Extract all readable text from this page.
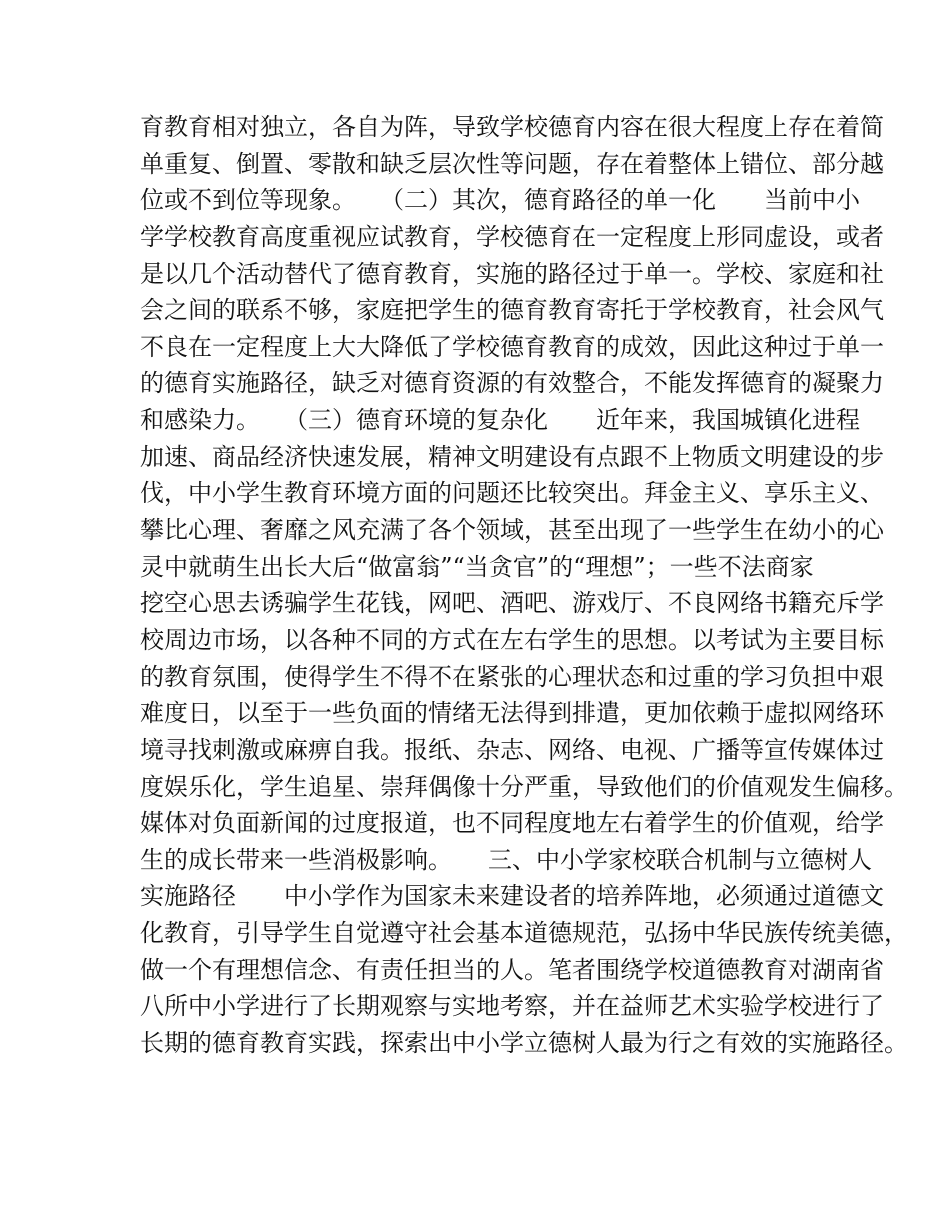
育教育相对独立，各自为阵，导致学校德育内容在很大程度上存在着简
单重复、倒置、零散和缺乏层次性等问题，存在着整体上错位、部分越
位或不到位等现象。　　（二）其次，德育路径的单一化　　当前中小
学学校教育高度重视应试教育，学校德育在一定程度上形同虚设，或者
是以几个活动替代了德育教育，实施的路径过于单一。学校、家庭和社
会之间的联系不够，家庭把学生的德育教育寄托于学校教育，社会风气
不良在一定程度上大大降低了学校德育教育的成效，因此这种过于单一
的德育实施路径，缺乏对德育资源的有效整合，不能发挥德育的凝聚力
和感染力。　　（三）德育环境的复杂化　　近年来，我国城镇化进程
加速、商品经济快速发展，精神文明建设有点跟不上物质文明建设的步
伐，中小学生教育环境方面的问题还比较突出。拜金主义、享乐主义、
攀比心理、奢靡之风充满了各个领域，甚至出现了一些学生在幼小的心
灵中就萌生出长大后“做富翁”“当贪官”的“理想”；一些不法商家
挖空心思去诱骗学生花钱，网吧、酒吧、游戏厅、不良网络书籍充斥学
校周边市场，以各种不同的方式在左右学生的思想。以考试为主要目标
的教育氛围，使得学生不得不在紧张的心理状态和过重的学习负担中艰
难度日，以至于一些负面的情绪无法得到排遣，更加依赖于虚拟网络环
境寻找刺激或麻痹自我。报纸、杂志、网络、电视、广播等宣传媒体过
度娱乐化，学生追星、崇拜偶像十分严重，导致他们的价值观发生偏移。
媒体对负面新闻的过度报道，也不同程度地左右着学生的价值观，给学
生的成长带来一些消极影响。　　三、中小学家校联合机制与立德树人
实施路径　　中小学作为国家未来建设者的培养阵地，必须通过道德文
化教育，引导学生自觉遵守社会基本道德规范，弘扬中华民族传统美德，
做一个有理想信念、有责任担当的人。笔者围绕学校道德教育对湖南省
八所中小学进行了长期观察与实地考察，并在益师艺术实验学校进行了
长期的德育教育实践，探索出中小学立德树人最为行之有效的实施路径。
